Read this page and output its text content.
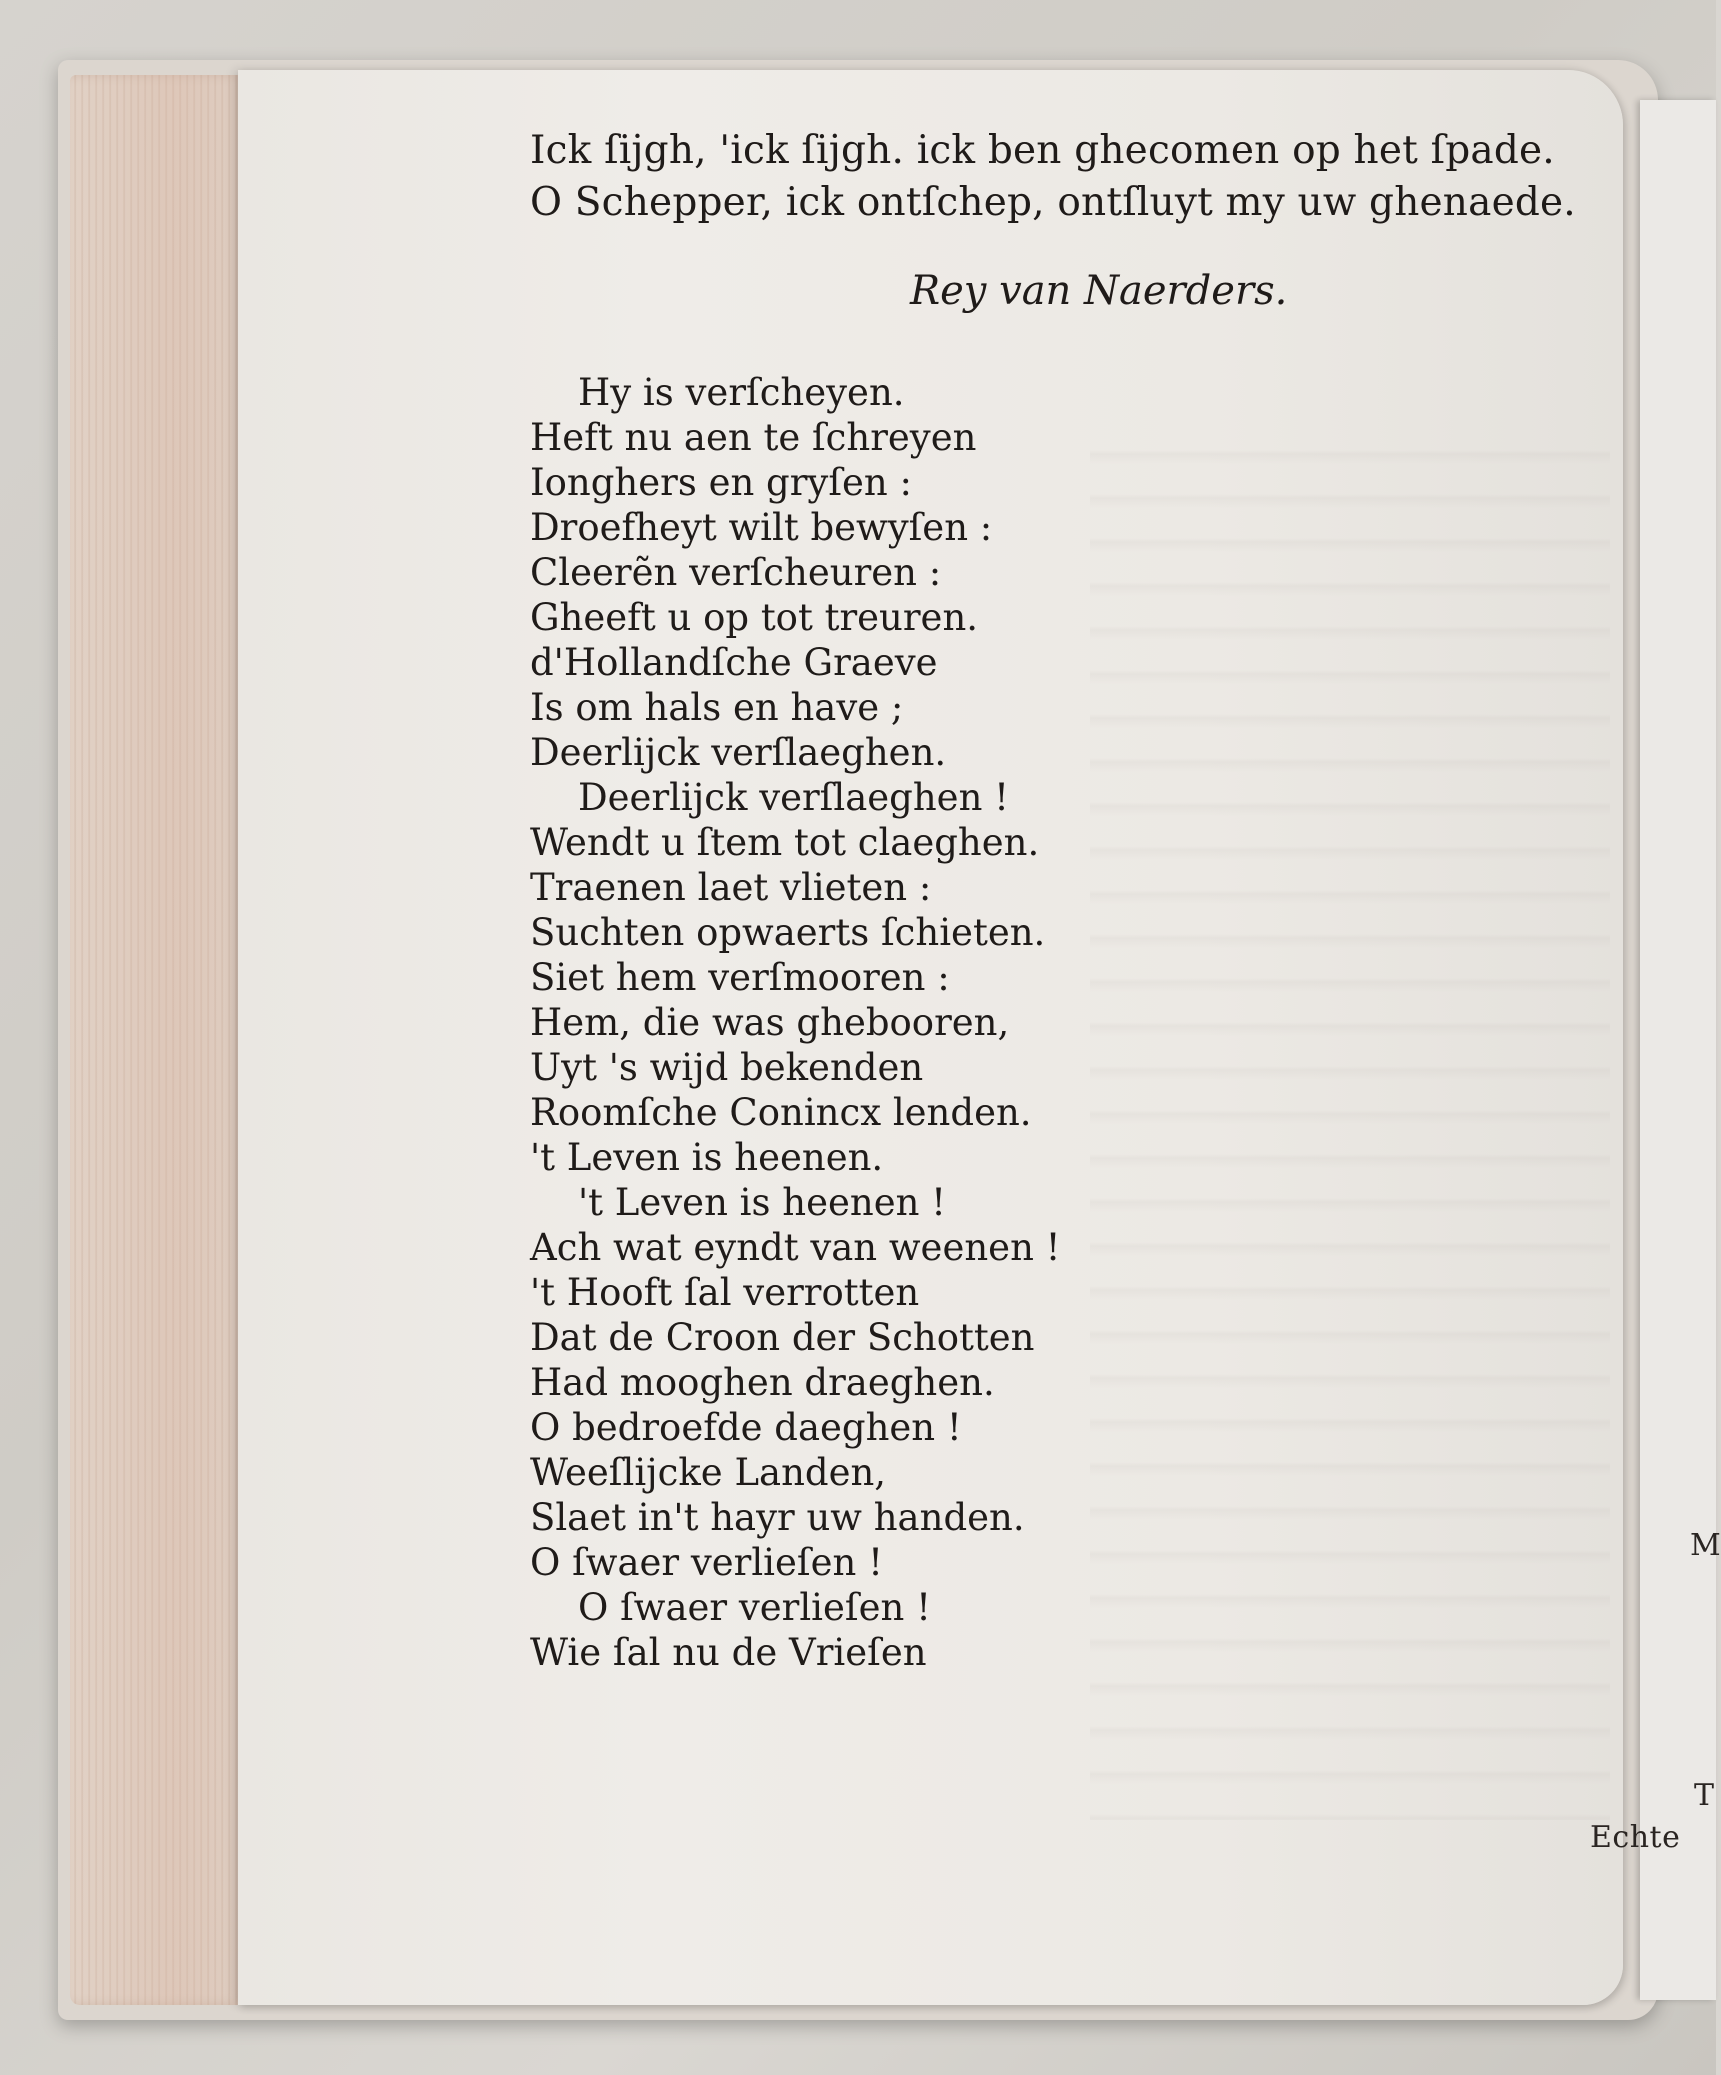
Ick ſijgh, 'ick ſijgh. ick ben ghecomen op het ſpade.
O Schepper, ick ontſchep, ontſluyt my uw ghenaede.
Rey van Naerders.
Hy is verſcheyen.
Heft nu aen te ſchreyen
Ionghers en gryſen :
Droefheyt wilt bewyſen :
Cleerẽn verſcheuren :
Gheeft u op tot treuren.
d'Hollandſche Graeve
Is om hals en have ;
Deerlijck verſlaeghen.
Deerlijck verſlaeghen !
Wendt u ſtem tot claeghen.
Traenen laet vlieten :
Suchten opwaerts ſchieten.
Siet hem verſmooren :
Hem, die was ghebooren,
Uyt 's wijd bekenden
Roomſche Conincx lenden.
't Leven is heenen.
't Leven is heenen !
Ach wat eyndt van weenen !
't Hooft ſal verrotten
Dat de Croon der Schotten
Had mooghen draeghen.
O bedroefde daeghen !
Weeſlijcke Landen,
Slaet in't hayr uw handen.
O ſwaer verlieſen !
O ſwaer verlieſen !
Wie ſal nu de Vrieſen
Echte
M
T
